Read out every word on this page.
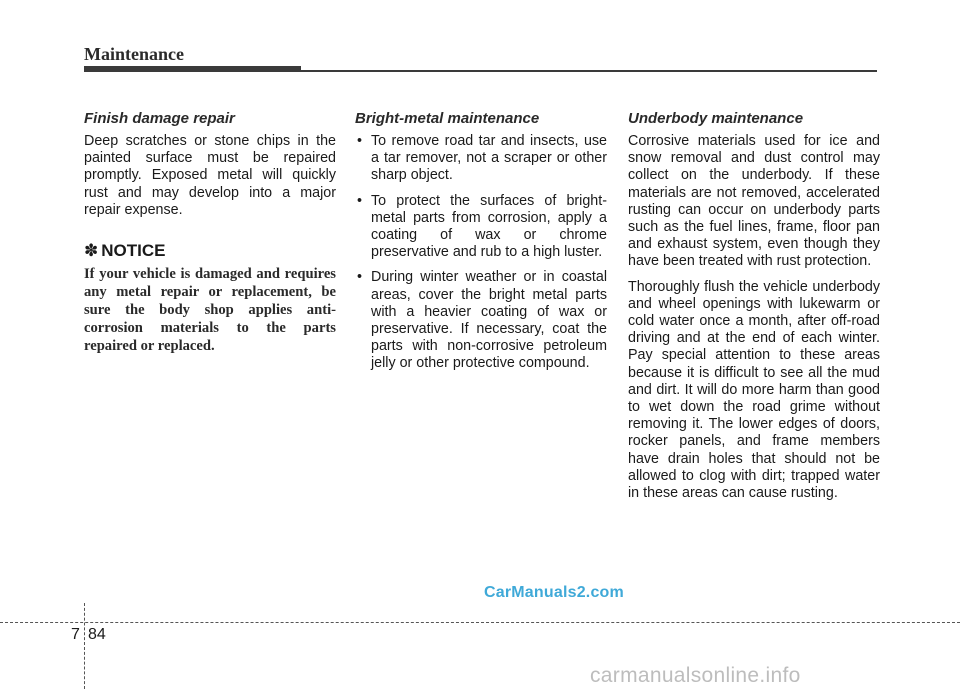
Maintenance
Finish damage repair

Deep scratches or stone chips in the painted surface must be repaired promptly. Exposed metal will quickly rust and may develop into a major repair expense.

✽ NOTICE

If your vehicle is damaged and requires any metal repair or replacement, be sure the body shop applies anti-corrosion materials to the parts repaired or replaced.

Bright-metal maintenance
• To remove road tar and insects, use a tar remover, not a scraper or other sharp object.
• To protect the surfaces of bright-metal parts from corrosion, apply a coating of wax or chrome preservative and rub to a high luster.
• During winter weather or in coastal areas, cover the bright metal parts with a heavier coating of wax or preservative. If necessary, coat the parts with non-corrosive petroleum jelly or other protective compound.
Underbody maintenance

Corrosive materials used for ice and snow removal and dust control may collect on the underbody. If these materials are not removed, accelerated rusting can occur on underbody parts such as the fuel lines, frame, floor pan and exhaust system, even though they have been treated with rust protection.

Thoroughly flush the vehicle underbody and wheel openings with lukewarm or cold water once a month, after off-road driving and at the end of each winter. Pay special attention to these areas because it is difficult to see all the mud and dirt. It will do more harm than good to wet down the road grime without removing it. The lower edges of doors, rocker panels, and frame members have drain holes that should not be allowed to clog with dirt; trapped water in these areas can cause rusting.

CarManuals2.com
7 84
carmanualsonline.info
